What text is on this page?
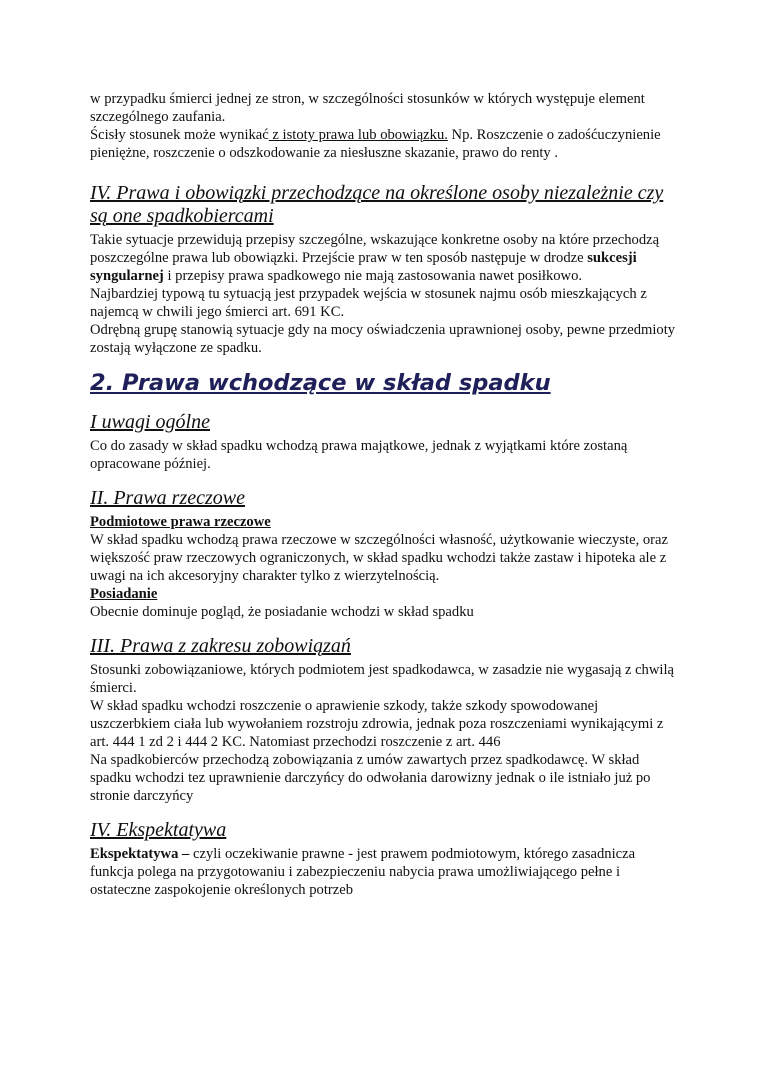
w przypadku śmierci jednej ze stron, w szczególności stosunków w których występuje element szczególnego zaufania.

Ścisły stosunek może wynikać z istoty prawa lub obowiązku. Np. Roszczenie o zadośćuczynienie pieniężne, roszczenie o odszkodowanie za niesłuszne skazanie, prawo do renty .

IV. Prawa i obowiązki przechodzące na określone osoby niezależnie czy są one spadkobiercami

Takie sytuacje przewidują przepisy szczególne, wskazujące konkretne osoby na które przechodzą poszczególne prawa lub obowiązki. Przejście praw w ten sposób następuje w drodze sukcesji syngularnej i przepisy prawa spadkowego nie mają zastosowania nawet posiłkowo.

Najbardziej typową tu sytuacją jest przypadek wejścia w stosunek najmu osób mieszkających z najemcą w chwili jego śmierci art. 691 KC.

Odrębną grupę stanowią sytuacje gdy na mocy oświadczenia uprawnionej osoby, pewne przedmioty zostają wyłączone ze spadku.

2. Prawa wchodzące w skład spadku
I uwagi ogólne

Co do zasady w skład spadku wchodzą prawa majątkowe, jednak z wyjątkami które zostaną opracowane później.

II. Prawa rzeczowe

Podmiotowe prawa rzeczowe

W skład spadku wchodzą prawa rzeczowe w szczególności własność, użytkowanie wieczyste, oraz większość praw rzeczowych ograniczonych, w skład spadku wchodzi także zastaw i hipoteka ale z uwagi na ich akcesoryjny charakter tylko z wierzytelnością.

Posiadanie

Obecnie dominuje pogląd, że posiadanie wchodzi w skład spadku

III. Prawa z zakresu zobowiązań

Stosunki zobowiązaniowe, których podmiotem jest spadkodawca, w zasadzie nie wygasają z chwilą śmierci.

W skład spadku wchodzi roszczenie o aprawienie szkody, także szkody spowodowanej uszczerbkiem ciała lub wywołaniem rozstroju zdrowia, jednak poza roszczeniami wynikającymi z art. 444 1 zd 2 i 444 2 KC. Natomiast przechodzi roszczenie z art. 446

Na spadkobierców przechodzą zobowiązania z umów zawartych przez spadkodawcę. W skład spadku wchodzi tez uprawnienie darczyńcy do odwołania darowizny jednak o ile istniało już po stronie darczyńcy

IV. Ekspektatywa

Ekspektatywa – czyli oczekiwanie prawne - jest prawem podmiotowym, którego zasadnicza funkcja polega na przygotowaniu i zabezpieczeniu nabycia prawa umożliwiającego pełne i ostateczne zaspokojenie określonych potrzeb
